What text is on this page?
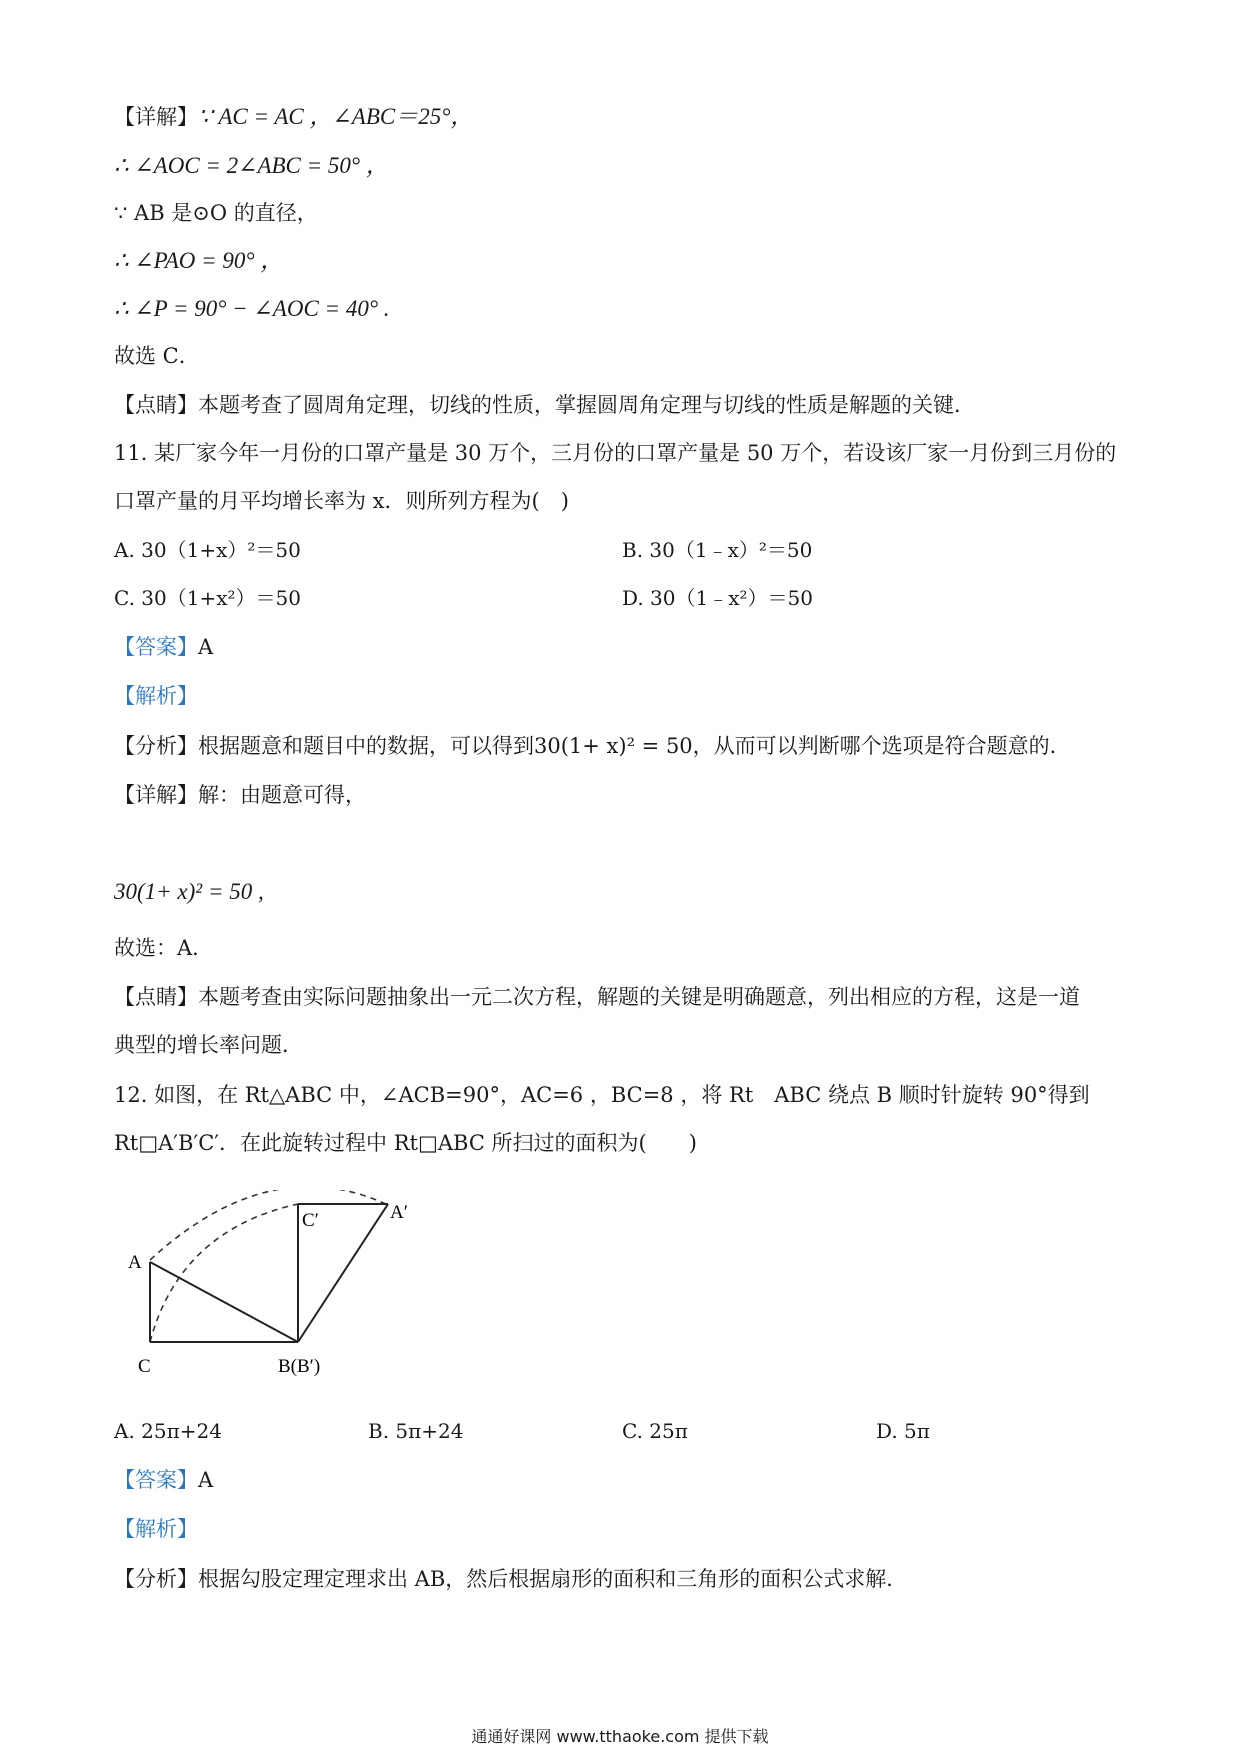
【详解】∵ AC = AC ，∠ABC＝25°，
∴ ∠AOC = 2∠ABC = 50° ，
∵ AB 是⊙O 的直径，
∴ ∠PAO = 90° ，
∴ ∠P = 90° − ∠AOC = 40° .
故选 C．
【点睛】本题考查了圆周角定理，切线的性质，掌握圆周角定理与切线的性质是解题的关键．
11. 某厂家今年一月份的口罩产量是 30 万个，三月份的口罩产量是 50 万个，若设该厂家一月份到三月份的
口罩产量的月平均增长率为 x．则所列方程为(　)
A. 30（1+x）²＝50	B. 30（1﹣x）²＝50
C. 30（1+x²）＝50	D. 30（1﹣x²）＝50
【答案】A
【解析】
【分析】根据题意和题目中的数据，可以得到30(1+ x)² = 50，从而可以判断哪个选项是符合题意的．
【详解】解：由题意可得，
30(1+ x)² = 50 ,
故选：A．
【点睛】本题考查由实际问题抽象出一元二次方程，解题的关键是明确题意，列出相应的方程，这是一道
典型的增长率问题．
12. 如图，在 Rt△ABC 中，∠ACB=90°，AC=6 ，BC=8 ，将 Rt　ABC 绕点 B 顺时针旋转 90°得到
Rt□A′B′C′．在此旋转过程中 Rt□ABC 所扫过的面积为(　　)
A
C	B(B′)
C′	A′
A. 25π+24	B. 5π+24	C. 25π	D. 5π
【答案】A
【解析】
【分析】根据勾股定理定理求出 AB，然后根据扇形的面积和三角形的面积公式求解．
通通好课网 www.tthaoke.com 提供下载
